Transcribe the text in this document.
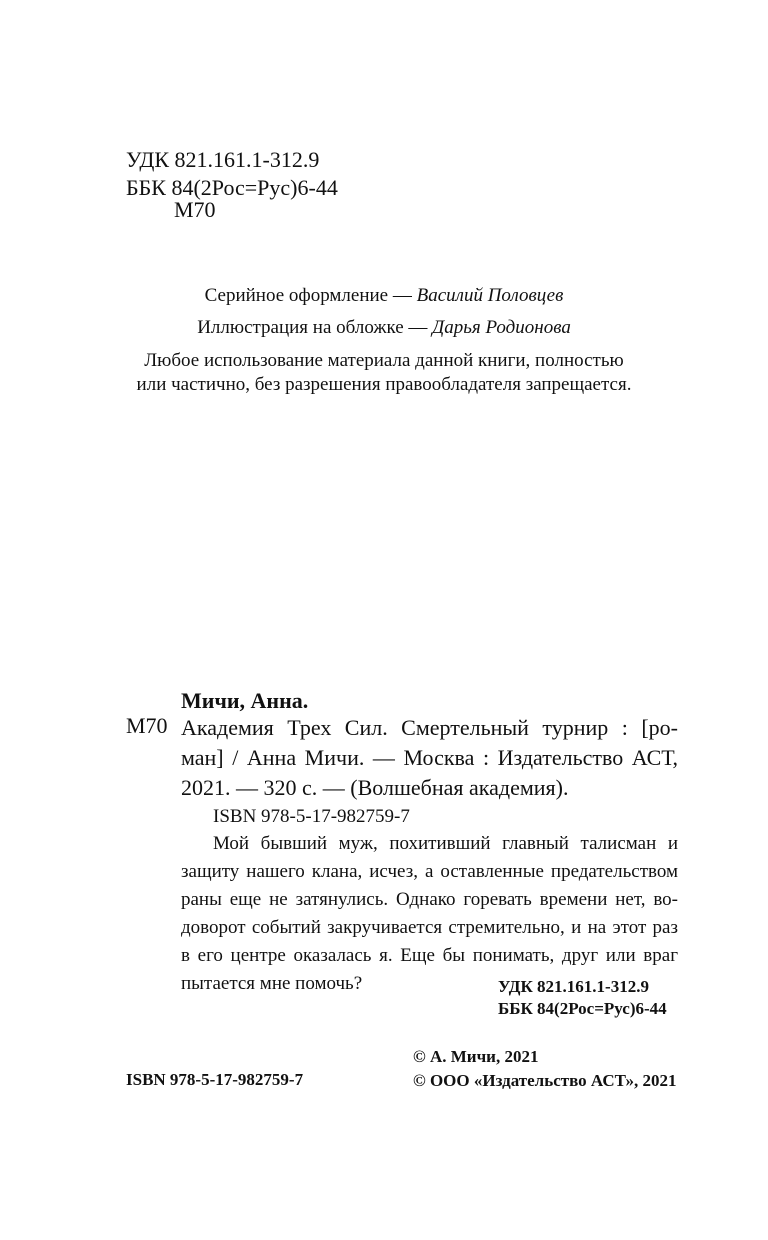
УДК 821.161.1-312.9
ББК 84(2Рос=Рус)6-44
М70
Серийное оформление — Василий Половцев
Иллюстрация на обложке — Дарья Родионова
Любое использование материала данной книги, полностью
или частично, без разрешения правообладателя запрещается.
Мичи, Анна.
М70 Академия Трех Сил. Смертельный турнир : [ро-
ман] / Анна Мичи. — Москва : Издательство АСТ,
2021. — 320 с. — (Волшебная академия).
ISBN 978-5-17-982759-7
Мой бывший муж, похитивший главный талисман и
защиту нашего клана, исчез, а оставленные предательством
раны еще не затянулись. Однако горевать времени нет, во-
доворот событий закручивается стремительно, и на этот раз
в его центре оказалась я. Еще бы понимать, друг или враг
пытается мне помочь?	УДК 821.161.1-312.9
ББК 84(2Рос=Рус)6-44
© А. Мичи, 2021
© ООО «Издательство АСТ», 2021
ISBN 978-5-17-982759-7
